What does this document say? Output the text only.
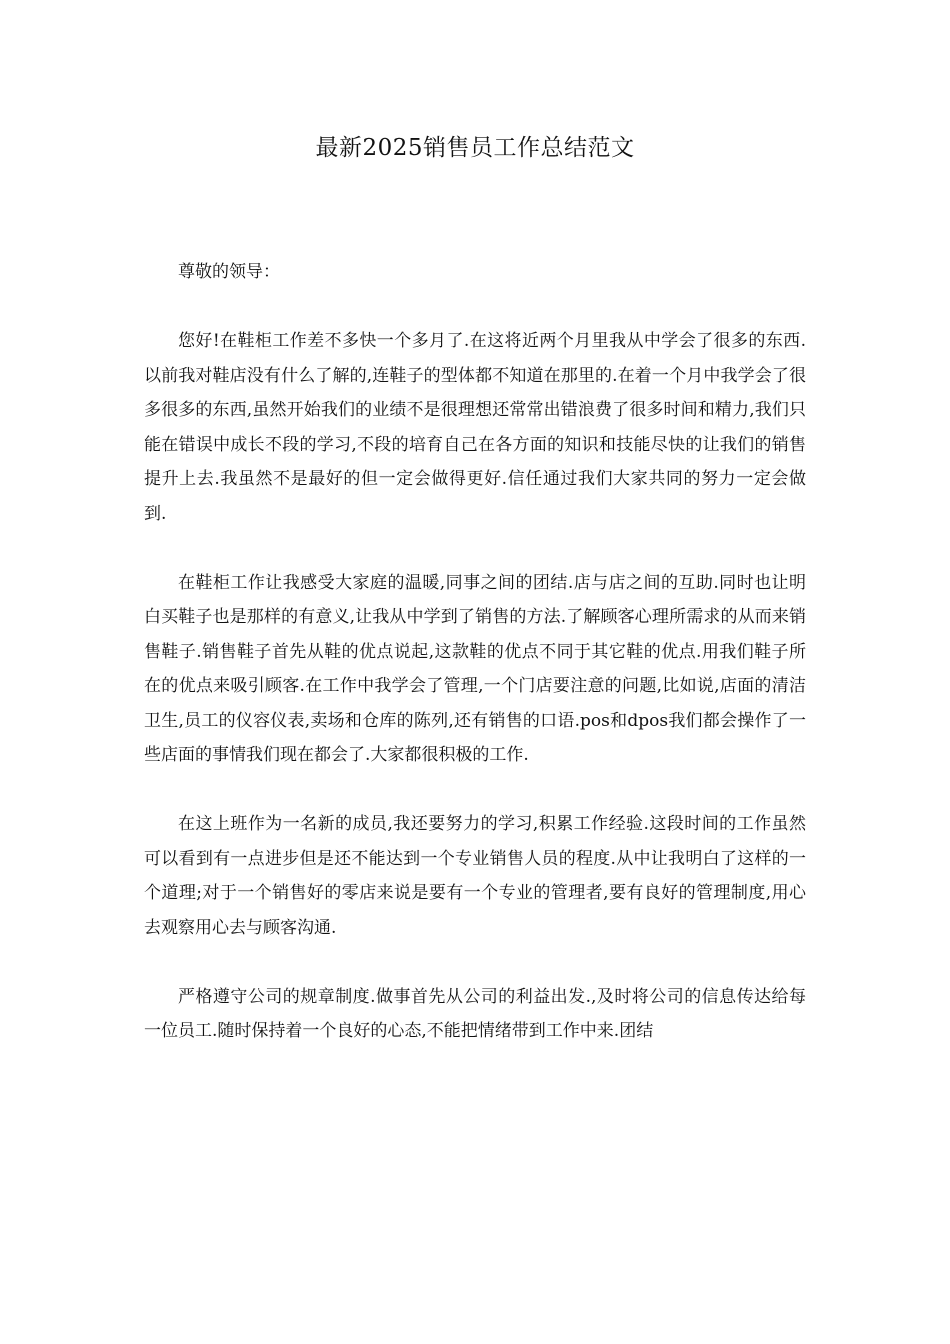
最新2025销售员工作总结范文

尊敬的领导：

您好!在鞋柜工作差不多快一个多月了.在这将近两个月里我从中学会了很多的东西.以前我对鞋店没有什么了解的,连鞋子的型体都不知道在那里的.在着一个月中我学会了很多很多的东西,虽然开始我们的业绩不是很理想还常常出错浪费了很多时间和精力,我们只能在错误中成长不段的学习,不段的培育自己在各方面的知识和技能尽快的让我们的销售提升上去.我虽然不是最好的但一定会做得更好.信任通过我们大家共同的努力一定会做到.

在鞋柜工作让我感受大家庭的温暖,同事之间的团结.店与店之间的互助.同时也让明白买鞋子也是那样的有意义,让我从中学到了销售的方法.了解顾客心理所需求的从而来销售鞋子.销售鞋子首先从鞋的优点说起,这款鞋的优点不同于其它鞋的优点.用我们鞋子所在的优点来吸引顾客.在工作中我学会了管理,一个门店要注意的问题,比如说,店面的清洁卫生,员工的仪容仪表,卖场和仓库的陈列,还有销售的口语.pos和dpos我们都会操作了一些店面的事情我们现在都会了.大家都很积极的工作.

在这上班作为一名新的成员,我还要努力的学习,积累工作经验.这段时间的工作虽然可以看到有一点进步但是还不能达到一个专业销售人员的程度.从中让我明白了这样的一个道理;对于一个销售好的零店来说是要有一个专业的管理者,要有良好的管理制度,用心去观察用心去与顾客沟通.

严格遵守公司的规章制度.做事首先从公司的利益出发.,及时将公司的信息传达给每一位员工.随时保持着一个良好的心态,不能把情绪带到工作中来.团结
